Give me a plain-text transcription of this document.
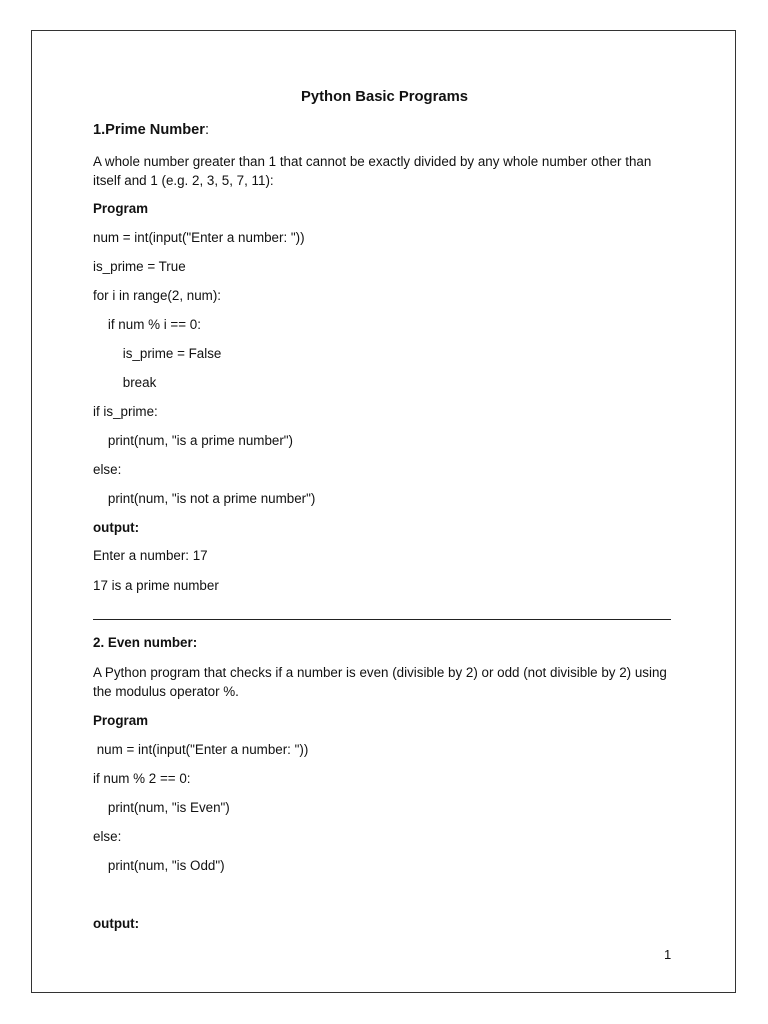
Python Basic Programs
1.Prime Number:
A whole number greater than 1 that cannot be exactly divided by any whole number other than itself and 1 (e.g. 2, 3, 5, 7, 11):
Program
num = int(input("Enter a number: "))
is_prime = True
for i in range(2, num):
if num % i == 0:
is_prime = False
break
if is_prime:
print(num, "is a prime number")
else:
print(num, "is not a prime number")
output:
Enter a number: 17
17 is a prime number
2. Even number:
A Python program that checks if a number is even (divisible by 2) or odd (not divisible by 2) using the modulus operator %.
Program
num = int(input("Enter a number: "))
if num % 2 == 0:
print(num, "is Even")
else:
print(num, "is Odd")
output:
1
